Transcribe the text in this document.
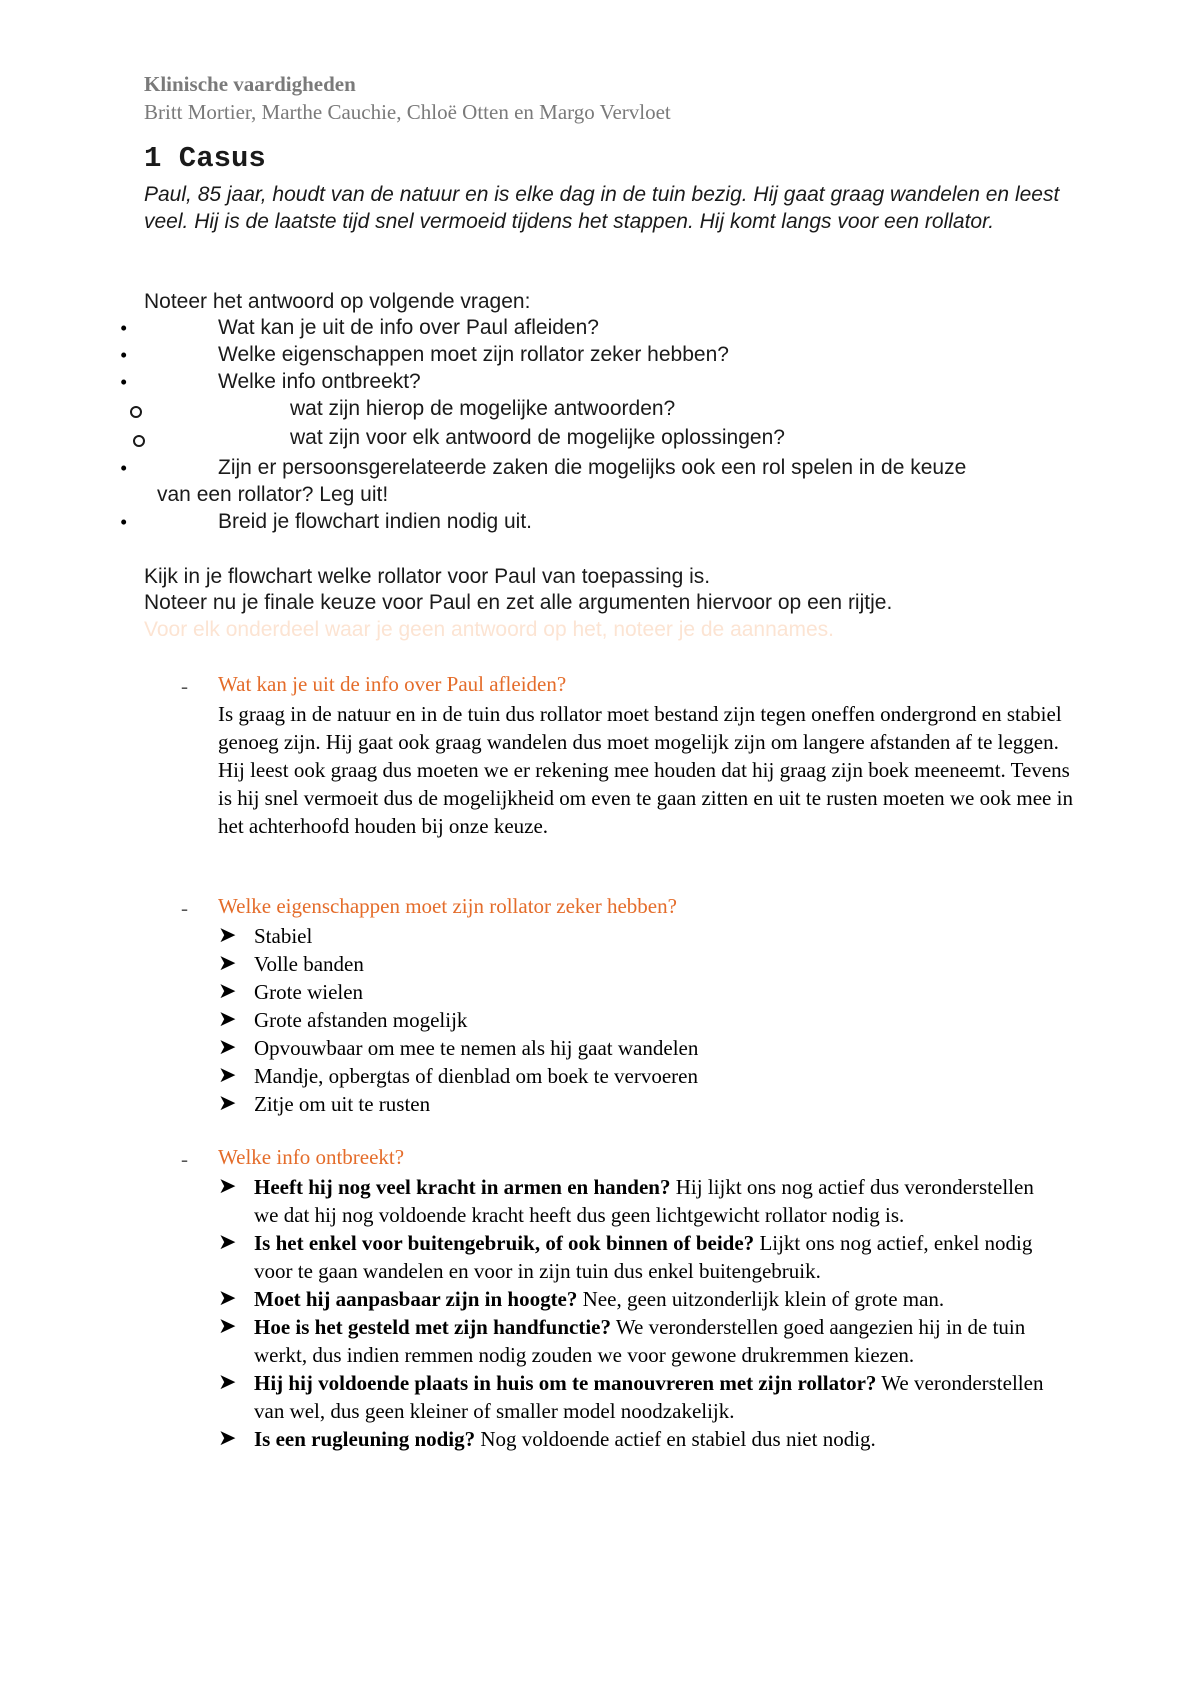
Klinische vaardigheden
Britt Mortier, Marthe Cauchie, Chloë Otten en Margo Vervloet
1 Casus
Paul, 85 jaar, houdt van de natuur en is elke dag in de tuin bezig. Hij gaat graag wandelen en leest veel. Hij is de laatste tijd snel vermoeid tijdens het stappen. Hij komt langs voor een rollator.
Noteer het antwoord op volgende vragen:
•	Wat kan je uit de info over Paul afleiden?
•	Welke eigenschappen moet zijn rollator zeker hebben?
•	Welke info ontbreekt?
wat zijn hierop de mogelijke antwoorden?
wat zijn voor elk antwoord de mogelijke oplossingen?
•	Zijn er persoonsgerelateerde zaken die mogelijks ook een rol spelen in de keuze
van een rollator? Leg uit!
•	Breid je flowchart indien nodig uit.
Kijk in je flowchart welke rollator voor Paul van toepassing is.
Noteer nu je finale keuze voor Paul en zet alle argumenten hiervoor op een rijtje.
Voor elk onderdeel waar je geen antwoord op het, noteer je de aannames.
- Wat kan je uit de info over Paul afleiden?
Is graag in de natuur en in de tuin dus rollator moet bestand zijn tegen oneffen ondergrond en stabiel genoeg zijn. Hij gaat ook graag wandelen dus moet mogelijk zijn om langere afstanden af te leggen. Hij leest ook graag dus moeten we er rekening mee houden dat hij graag zijn boek meeneemt. Tevens is hij snel vermoeit dus de mogelijkheid om even te gaan zitten en uit te rusten moeten we ook mee in het achterhoofd houden bij onze keuze.
- Welke eigenschappen moet zijn rollator zeker hebben?
➤ Stabiel
➤ Volle banden
➤ Grote wielen
➤ Grote afstanden mogelijk
➤ Opvouwbaar om mee te nemen als hij gaat wandelen
➤ Mandje, opbergtas of dienblad om boek te vervoeren
➤ Zitje om uit te rusten
- Welke info ontbreekt?
➤ Heeft hij nog veel kracht in armen en handen? Hij lijkt ons nog actief dus veronderstellen we dat hij nog voldoende kracht heeft dus geen lichtgewicht rollator nodig is.
➤ Is het enkel voor buitengebruik, of ook binnen of beide? Lijkt ons nog actief, enkel nodig voor te gaan wandelen en voor in zijn tuin dus enkel buitengebruik.
➤ Moet hij aanpasbaar zijn in hoogte? Nee, geen uitzonderlijk klein of grote man.
➤ Hoe is het gesteld met zijn handfunctie? We veronderstellen goed aangezien hij in de tuin werkt, dus indien remmen nodig zouden we voor gewone drukremmen kiezen.
➤ Hij hij voldoende plaats in huis om te manouvreren met zijn rollator? We veronderstellen van wel, dus geen kleiner of smaller model noodzakelijk.
➤ Is een rugleuning nodig? Nog voldoende actief en stabiel dus niet nodig.
